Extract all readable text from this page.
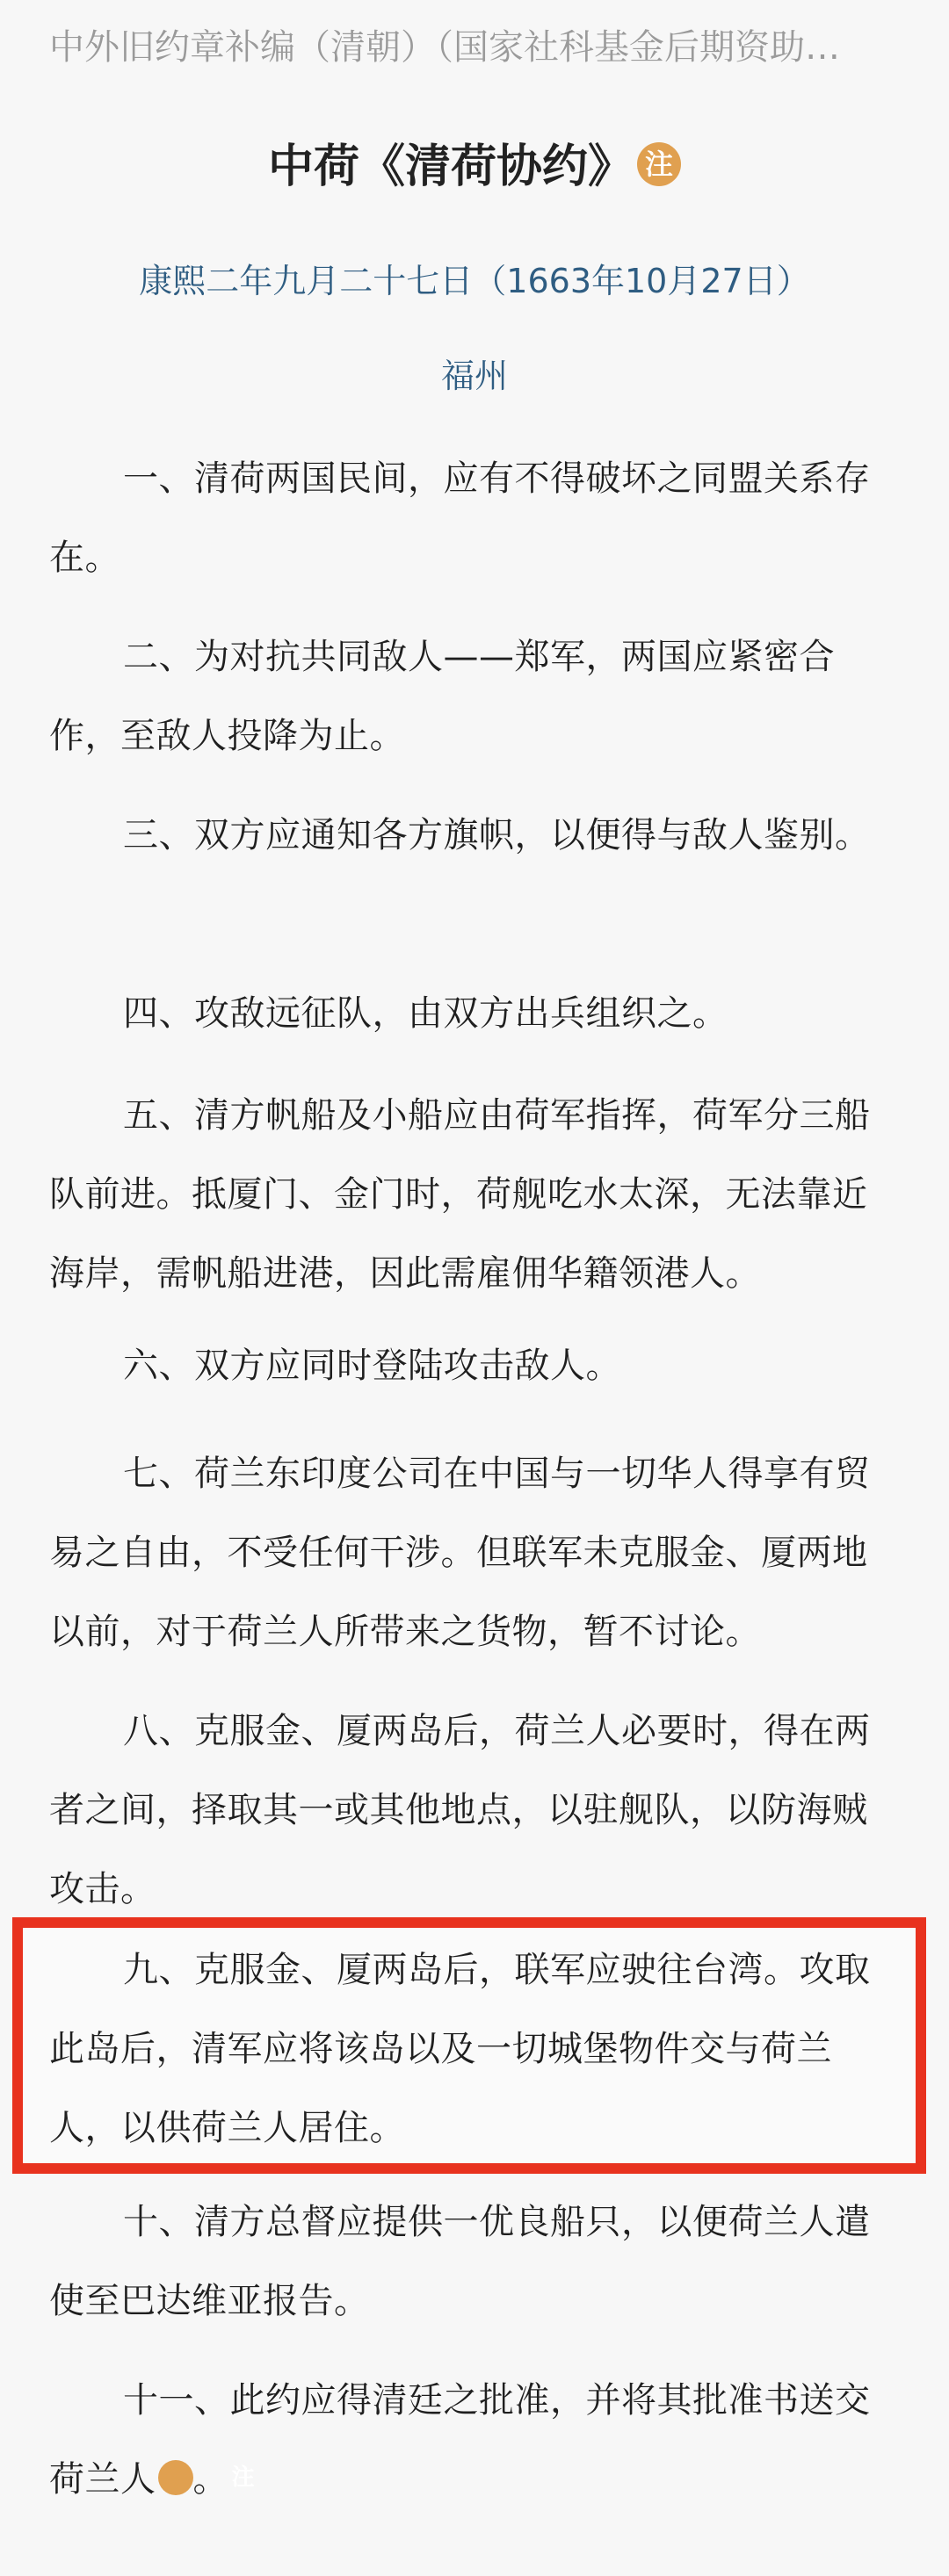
中外旧约章补编（清朝）（国家社科基金后期资助…
中荷《清荷协约》 注
康熙二年九月二十七日（1663年10月27日）
福州
一、清荷两国民间，应有不得破坏之同盟关系存在。
二、为对抗共同敌人——郑军，两国应紧密合作，至敌人投降为止。
三、双方应通知各方旗帜，以便得与敌人鉴别。
四、攻敌远征队，由双方出兵组织之。
五、清方帆船及小船应由荷军指挥，荷军分三船队前进。抵厦门、金门时，荷舰吃水太深，无法靠近海岸，需帆船进港，因此需雇佣华籍领港人。
六、双方应同时登陆攻击敌人。
七、荷兰东印度公司在中国与一切华人得享有贸易之自由，不受任何干涉。但联军未克服金、厦两地以前，对于荷兰人所带来之货物，暂不讨论。
八、克服金、厦两岛后，荷兰人必要时，得在两者之间，择取其一或其他地点，以驻舰队，以防海贼攻击。
九、克服金、厦两岛后，联军应驶往台湾。攻取此岛后，清军应将该岛以及一切城堡物件交与荷兰人，以供荷兰人居住。
十、清方总督应提供一优良船只，以便荷兰人遣使至巴达维亚报告。
十一、此约应得清廷之批准，并将其批准书送交荷兰人	注。
